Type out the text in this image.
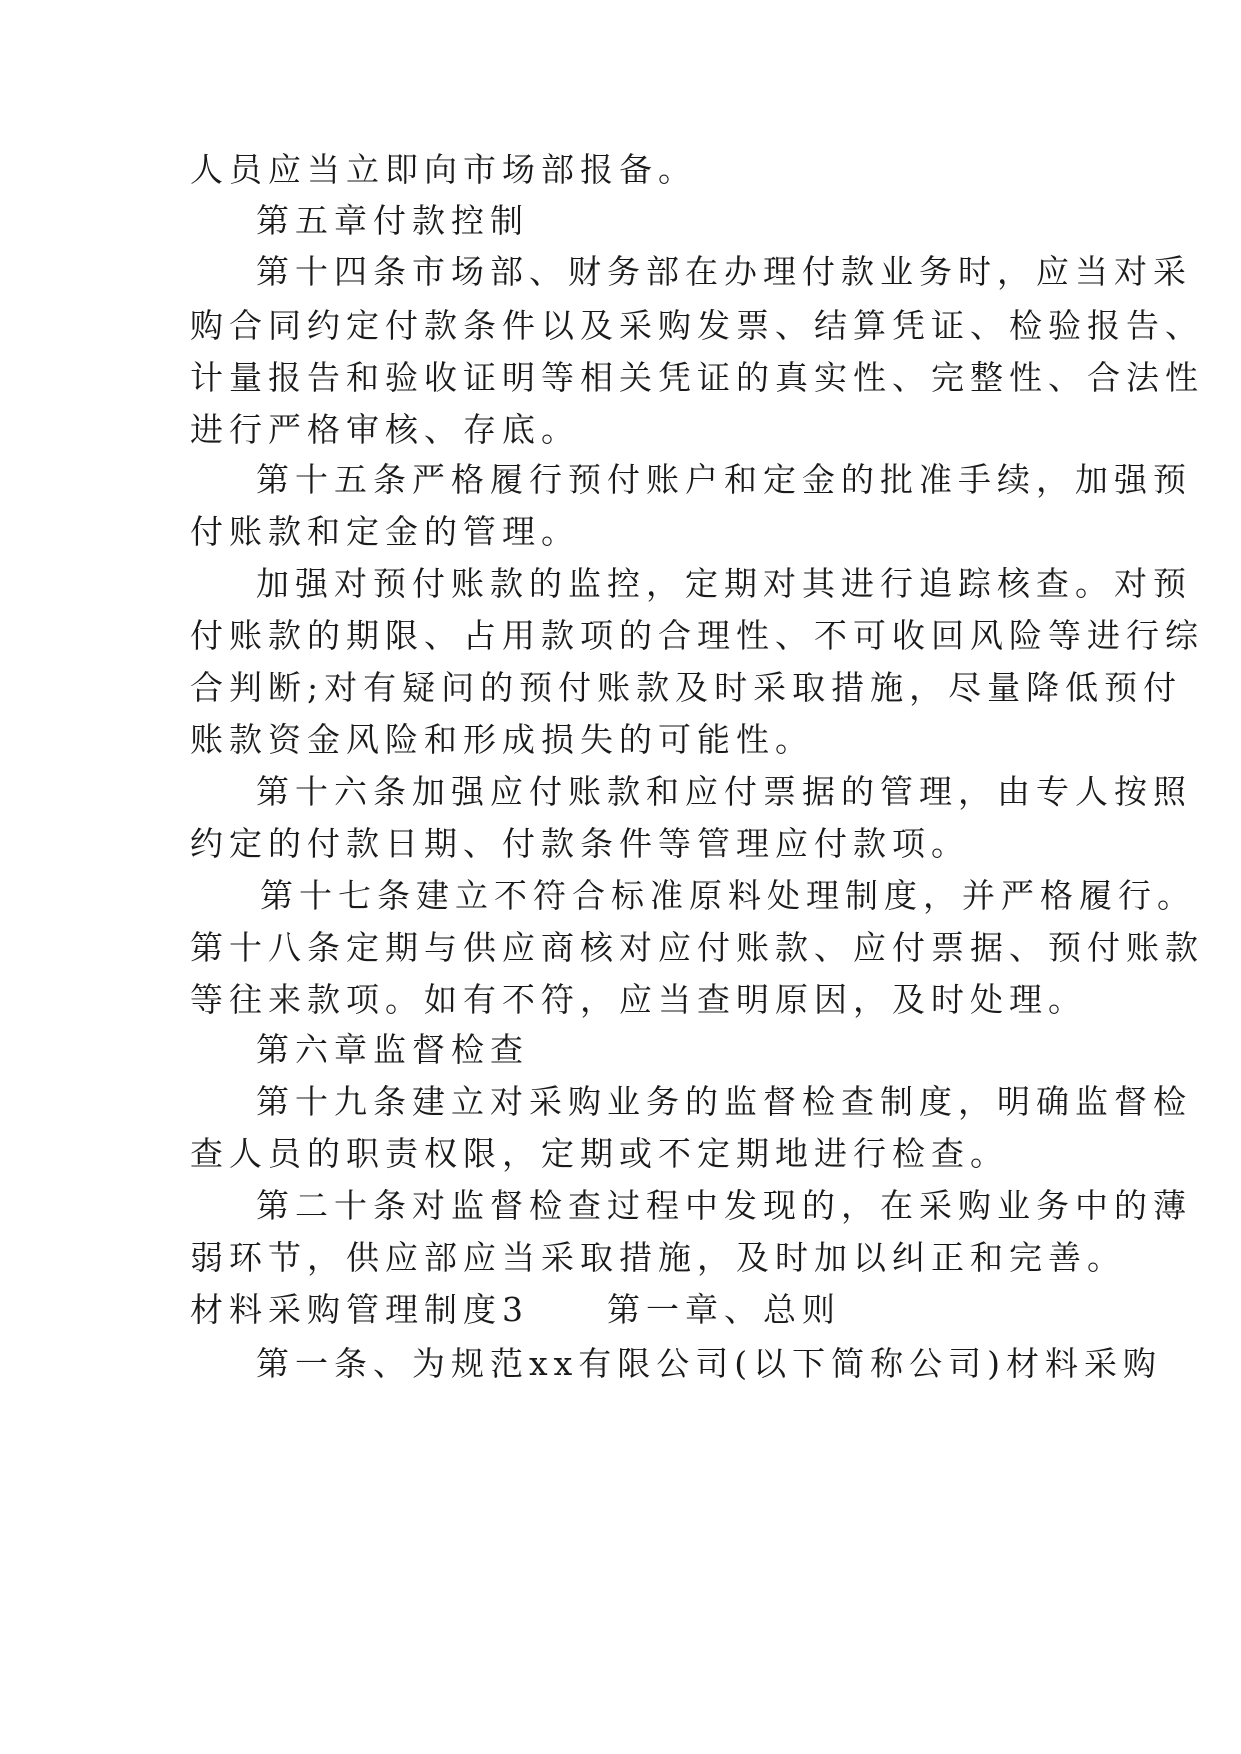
人员应当立即向市场部报备。
第五章付款控制
第十四条市场部、财务部在办理付款业务时，应当对采
购合同约定付款条件以及采购发票、结算凭证、检验报告、
计量报告和验收证明等相关凭证的真实性、完整性、合法性
进行严格审核、存底。
第十五条严格履行预付账户和定金的批准手续，加强预
付账款和定金的管理。
加强对预付账款的监控，定期对其进行追踪核查。对预
付账款的期限、占用款项的合理性、不可收回风险等进行综
合判断;对有疑问的预付账款及时采取措施，尽量降低预付
账款资金风险和形成损失的可能性。
第十六条加强应付账款和应付票据的管理，由专人按照
约定的付款日期、付款条件等管理应付款项。
第十七条建立不符合标准原料处理制度，并严格履行。
第十八条定期与供应商核对应付账款、应付票据、预付账款
等往来款项。如有不符，应当查明原因，及时处理。
第六章监督检查
第十九条建立对采购业务的监督检查制度，明确监督检
查人员的职责权限，定期或不定期地进行检查。
第二十条对监督检查过程中发现的，在采购业务中的薄
弱环节，供应部应当采取措施，及时加以纠正和完善。
材料采购管理制度3 第一章、总则
第一条、为规范xx有限公司(以下简称公司)材料采购
